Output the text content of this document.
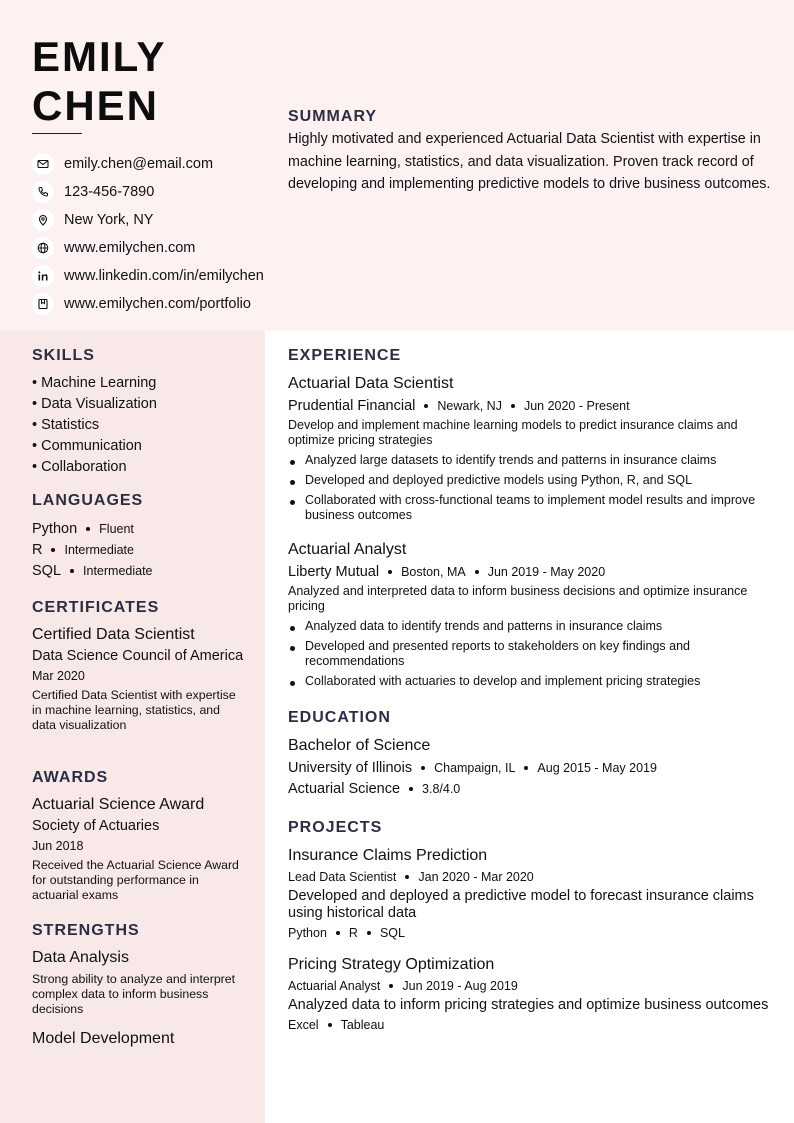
EMILY CHEN
emily.chen@email.com
123-456-7890
New York, NY
www.emilychen.com
www.linkedin.com/in/emilychen
www.emilychen.com/portfolio
SUMMARY

Highly motivated and experienced Actuarial Data Scientist with expertise in machine learning, statistics, and data visualization. Proven track record of developing and implementing predictive models to drive business outcomes.

SKILLS
• Machine Learning
• Data Visualization
• Statistics
• Communication
• Collaboration
LANGUAGES
Python Fluent
R Intermediate
SQL Intermediate
CERTIFICATES
Certified Data Scientist
Data Science Council of America
Mar 2020
Certified Data Scientist with expertise in machine learning, statistics, and data visualization
AWARDS
Actuarial Science Award
Society of Actuaries
Jun 2018
Received the Actuarial Science Award for outstanding performance in actuarial exams
STRENGTHS
Data Analysis
Strong ability to analyze and interpret complex data to inform business decisions
Model Development
EXPERIENCE
Actuarial Data Scientist
Prudential Financial Newark, NJ Jun 2020 - Present
Develop and implement machine learning models to predict insurance claims and optimize pricing strategies
Analyzed large datasets to identify trends and patterns in insurance claims
Developed and deployed predictive models using Python, R, and SQL
Collaborated with cross-functional teams to implement model results and improve business outcomes
Actuarial Analyst
Liberty Mutual Boston, MA Jun 2019 - May 2020
Analyzed and interpreted data to inform business decisions and optimize insurance pricing
Analyzed data to identify trends and patterns in insurance claims
Developed and presented reports to stakeholders on key findings and recommendations
Collaborated with actuaries to develop and implement pricing strategies
EDUCATION
Bachelor of Science
University of Illinois Champaign, IL Aug 2015 - May 2019
Actuarial Science 3.8/4.0
PROJECTS
Insurance Claims Prediction
Lead Data Scientist Jan 2020 - Mar 2020
Developed and deployed a predictive model to forecast insurance claims using historical data
Python R SQL
Pricing Strategy Optimization
Actuarial Analyst Jun 2019 - Aug 2019
Analyzed data to inform pricing strategies and optimize business outcomes
Excel Tableau
